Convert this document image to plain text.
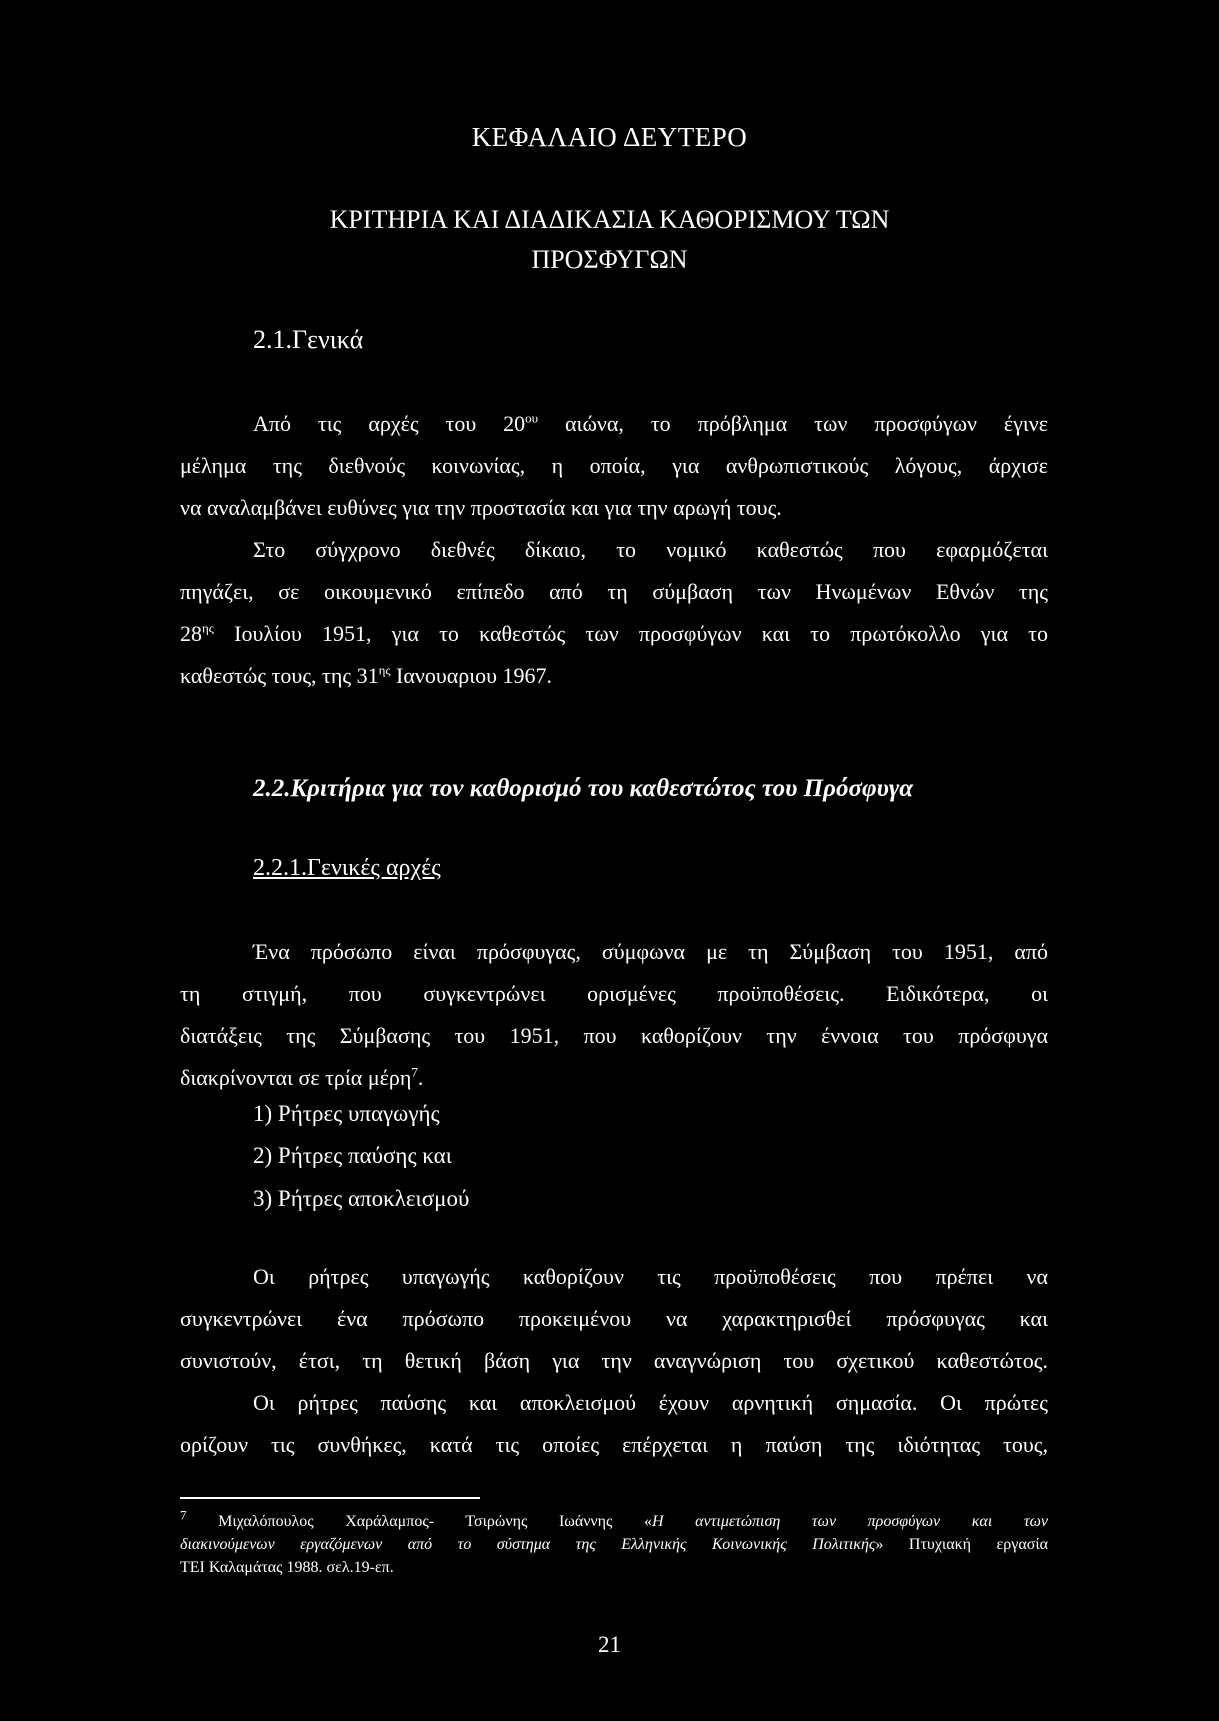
ΚΕΦΑΛΑΙΟ ΔΕΥΤΕΡΟ
ΚΡΙΤΗΡΙΑ ΚΑΙ ΔΙΑΔΙΚΑΣΙΑ ΚΑΘΟΡΙΣΜΟΥ ΤΩΝ
ΠΡΟΣΦΥΓΩΝ
2.1.Γενικά
Από τις αρχές του $20^{o\upsilon}$ αιώνα, το πρόβλημα των προσφύγων έγινε
μέλημα της διεθνούς κοινωνίας, η οποία, για ανθρωπιστικούς λόγους, άρχισε
να αναλαμβάνει ευθύνες για την προστασία και για την αρωγή τους.
Στο σύγχρονο διεθνές δίκαιο, το νομικό καθεστώς που εφαρμόζεται
πηγάζει, σε οικουμενικό επίπεδο από τη σύμβαση των Ηνωμένων Εθνών της
$28^{\eta\varsigma}$ Ιουλίου 1951, για το καθεστώς των προσφύγων και το πρωτόκολλο για το
καθεστώς τους, της $31^{\eta\varsigma}$ Ιανουαριου 1967.
2.2.Κριτήρια για τον καθορισμό του καθεστώτος του Πρόσφυγα
2.2.1.Γενικές αρχές
Ένα πρόσωπο είναι πρόσφυγας, σύμφωνα με τη Σύμβαση του 1951, από
τη στιγμή, που συγκεντρώνει ορισμένες προϋποθέσεις. Ειδικότερα, οι
διατάξεις της Σύμβασης του 1951, που καθορίζουν την έννοια του πρόσφυγα
διακρίνονται σε τρία μέρη$^7$.
1) Ρήτρες υπαγωγής
2) Ρήτρες παύσης και
3) Ρήτρες αποκλεισμού
Οι ρήτρες υπαγωγής καθορίζουν τις προϋποθέσεις που πρέπει να
συγκεντρώνει ένα πρόσωπο προκειμένου να χαρακτηρισθεί πρόσφυγας και
συνιστούν, έτσι, τη θετική βάση για την αναγνώριση του σχετικού καθεστώτος.
Οι ρήτρες παύσης και αποκλεισμού έχουν αρνητική σημασία. Οι πρώτες
ορίζουν τις συνθήκες, κατά τις οποίες επέρχεται η παύση της ιδιότητας τους,
$^7$ Μιχαλόπουλος Χαράλαμπος- Τσιρώνης Ιωάννης «Η αντιμετώπιση των προσφύγων και των
διακινούμενων εργαζόμενων από το σύστημα της Ελληνικής Κοινωνικής Πολιτικής» Πτυχιακή εργασία
ΤΕΙ Καλαμάτας 1988. σελ.19-επ.
21
